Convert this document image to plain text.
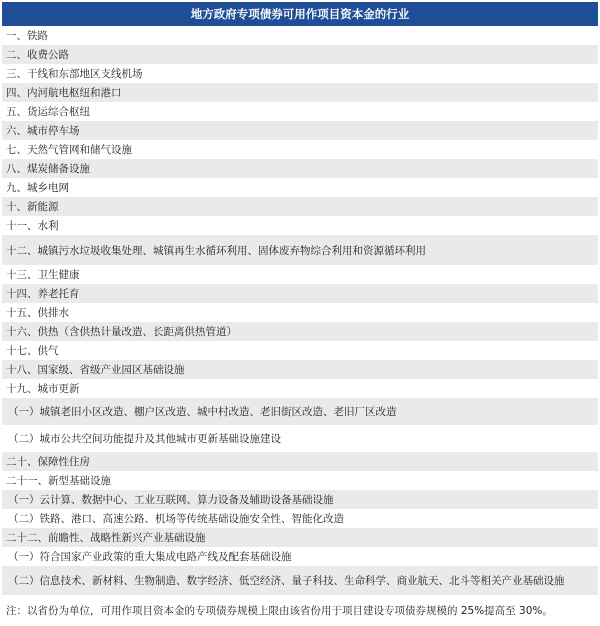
地方政府专项债券可用作项目资本金的行业
一、铁路
二、收费公路
三、干线和东部地区支线机场
四、内河航电枢纽和港口
五、货运综合枢纽
六、城市停车场
七、天然气管网和储气设施
八、煤炭储备设施
九、城乡电网
十、新能源
十一、水利
十二、城镇污水垃圾收集处理、城镇再生水循环利用、固体废弃物综合利用和资源循环利用
十三、卫生健康
十四、养老托育
十五、供排水
十六、供热（含供热计量改造、长距离供热管道）
十七、供气
十八、国家级、省级产业园区基础设施
十九、城市更新
（一）城镇老旧小区改造、棚户区改造、城中村改造、老旧街区改造、老旧厂区改造
（二）城市公共空间功能提升及其他城市更新基础设施建设
二十、保障性住房
二十一、新型基础设施
（一）云计算、数据中心、工业互联网、算力设备及辅助设备基础设施
（二）铁路、港口、高速公路、机场等传统基础设施安全性、智能化改造
二十二、前瞻性、战略性新兴产业基础设施
（一）符合国家产业政策的重大集成电路产线及配套基础设施
（二）信息技术、新材料、生物制造、数字经济、低空经济、量子科技、生命科学、商业航天、北斗等相关产业基础设施
注：以省份为单位，可用作项目资本金的专项债券规模上限由该省份用于项目建设专项债券规模的 25%提高至 30%。
